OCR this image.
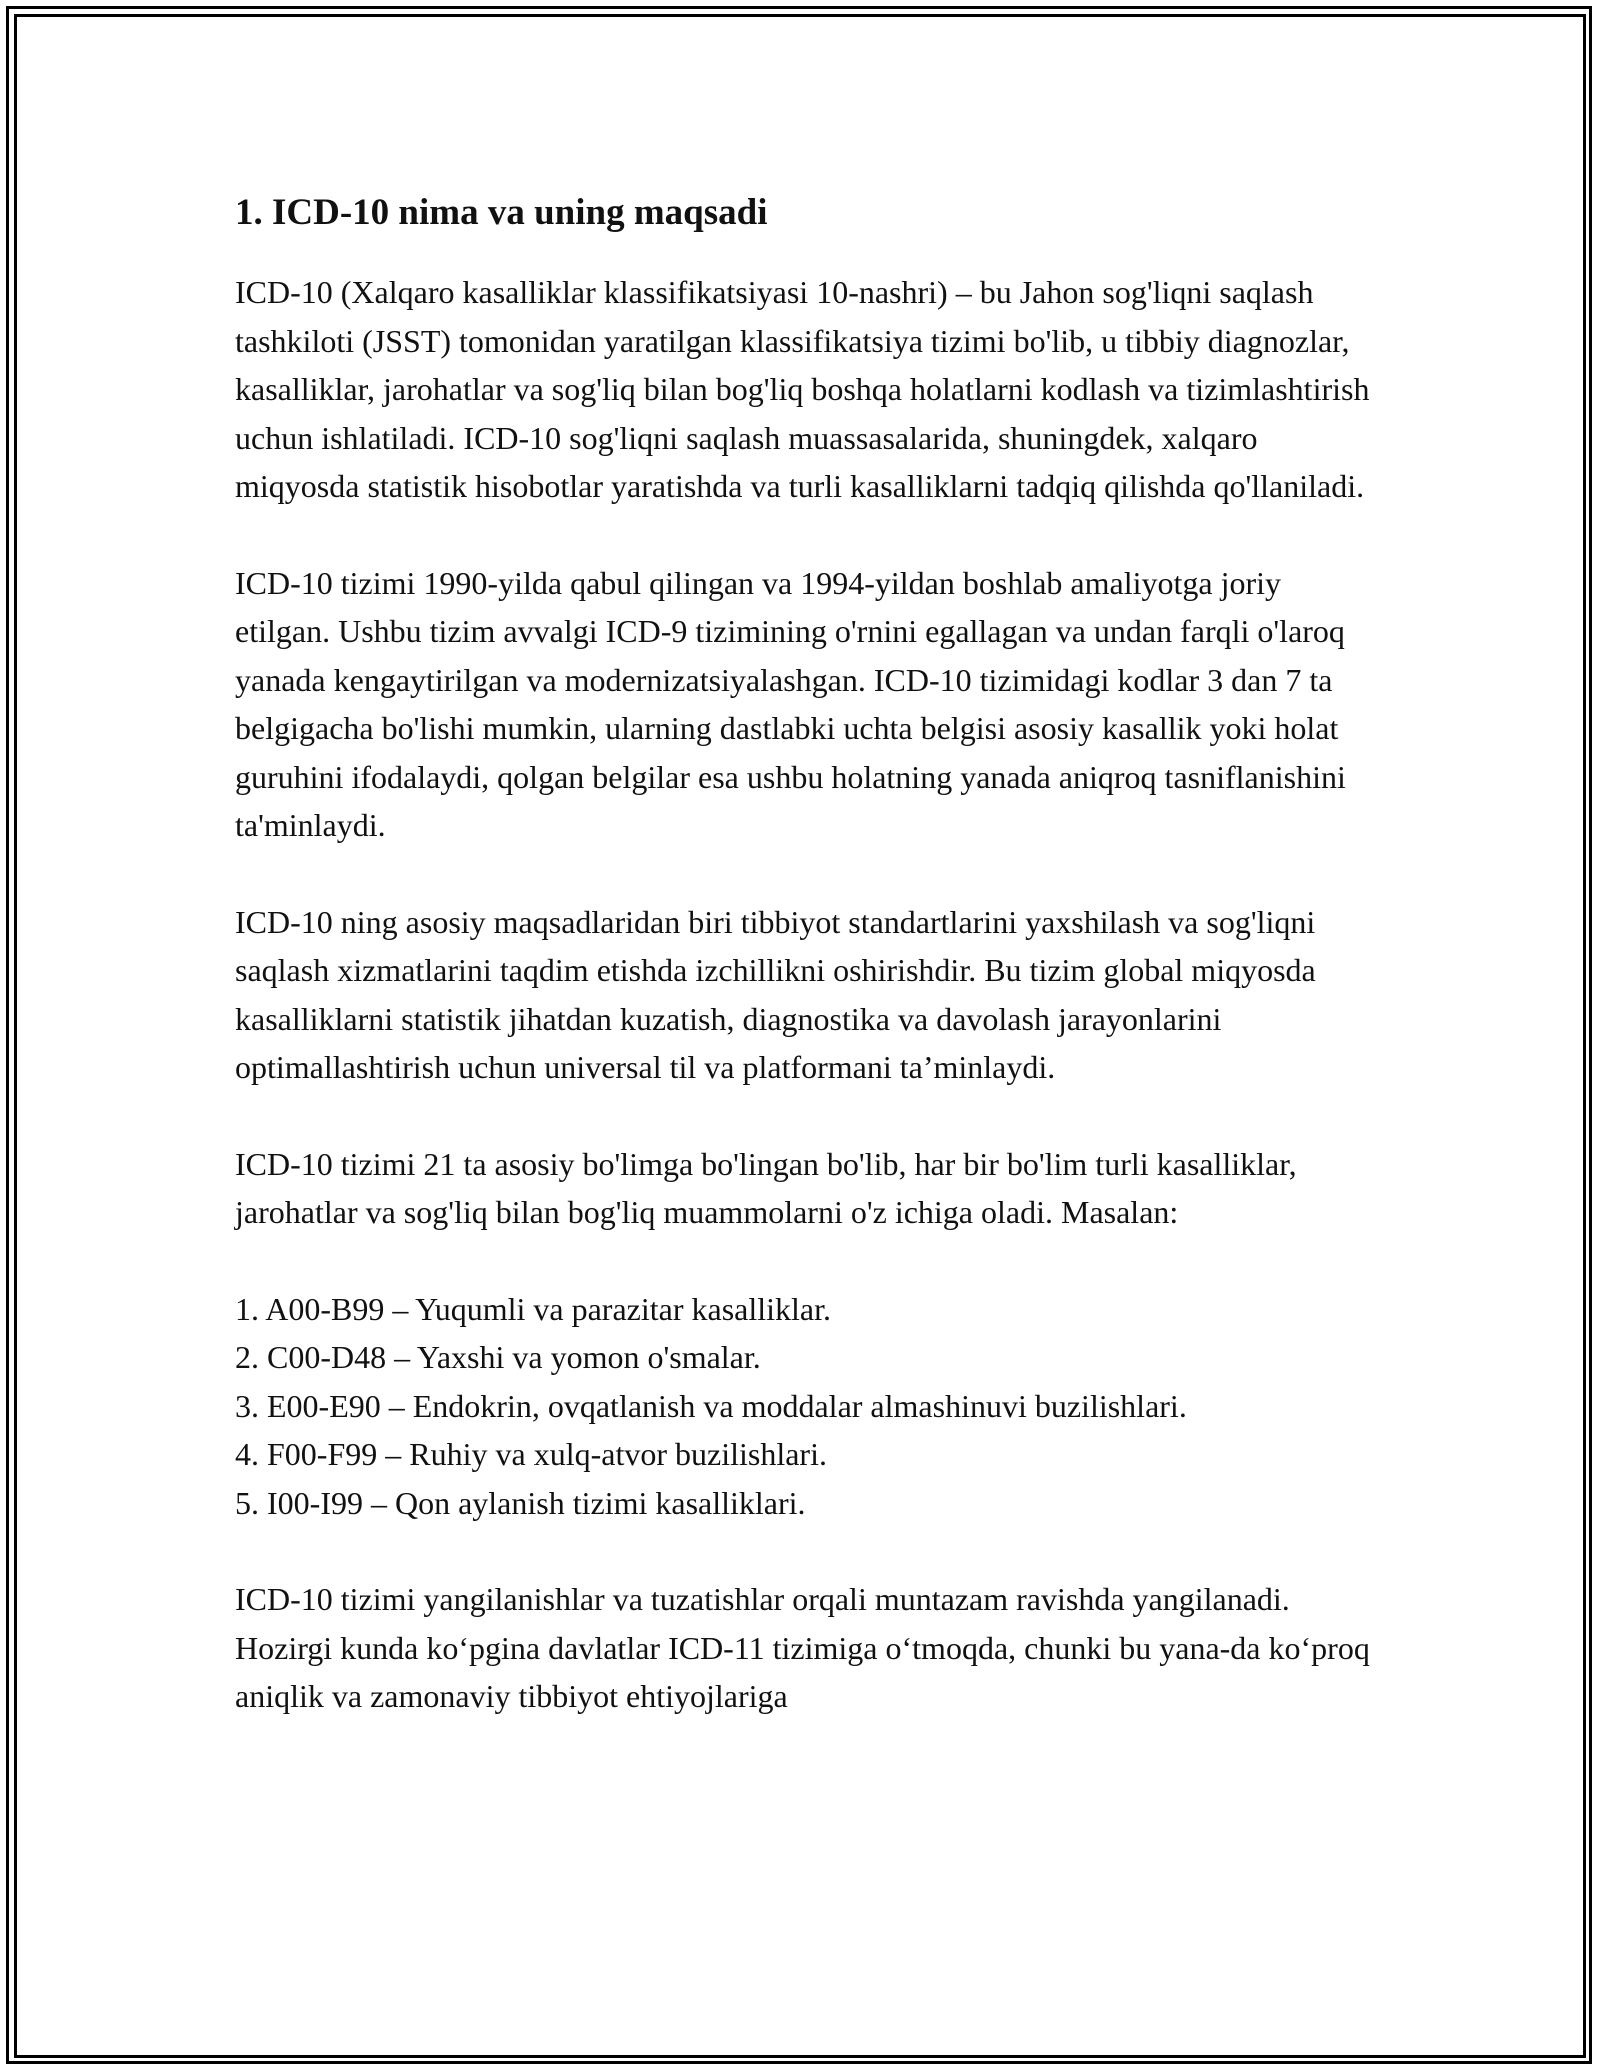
1. ICD-10 nima va uning maqsadi

ICD-10 (Xalqaro kasalliklar klassifikatsiyasi 10-nashri) – bu Jahon sog'liqni saqlash tashkiloti (JSST) tomonidan yaratilgan klassifikatsiya tizimi bo'lib, u tibbiy diagnozlar, kasalliklar, jarohatlar va sog'liq bilan bog'liq boshqa holatlarni kodlash va tizimlashtirish uchun ishlatiladi. ICD-10 sog'liqni saqlash muassasalarida, shuningdek, xalqaro miqyosda statistik hisobotlar yaratishda va turli kasalliklarni tadqiq qilishda qo'llaniladi.

ICD-10 tizimi 1990-yilda qabul qilingan va 1994-yildan boshlab amaliyotga joriy etilgan. Ushbu tizim avvalgi ICD-9 tizimining o'rnini egallagan va undan farqli o'laroq yanada kengaytirilgan va modernizatsiyalashgan. ICD-10 tizimidagi kodlar 3 dan 7 ta belgigacha bo'lishi mumkin, ularning dastlabki uchta belgisi asosiy kasallik yoki holat guruhini ifodalaydi, qolgan belgilar esa ushbu holatning yanada aniqroq tasniflanishini ta'minlaydi.

ICD-10 ning asosiy maqsadlaridan biri tibbiyot standartlarini yaxshilash va sog'liqni saqlash xizmatlarini taqdim etishda izchillikni oshirishdir. Bu tizim global miqyosda kasalliklarni statistik jihatdan kuzatish, diagnostika va davolash jarayonlarini optimallashtirish uchun universal til va platformani ta’minlaydi.

ICD-10 tizimi 21 ta asosiy bo'limga bo'lingan bo'lib, har bir bo'lim turli kasalliklar, jarohatlar va sog'liq bilan bog'liq muammolarni o'z ichiga oladi. Masalan:

1. A00-B99 – Yuqumli va parazitar kasalliklar.
2. C00-D48 – Yaxshi va yomon o'smalar.
3. E00-E90 – Endokrin, ovqatlanish va moddalar almashinuvi buzilishlari.
4. F00-F99 – Ruhiy va xulq-atvor buzilishlari.
5. I00-I99 – Qon aylanish tizimi kasalliklari.

ICD-10 tizimi yangilanishlar va tuzatishlar orqali muntazam ravishda yangilanadi. Hozirgi kunda koʻpgina davlatlar ICD-11 tizimiga oʻtmoqda, chunki bu yana-da koʻproq aniqlik va zamonaviy tibbiyot ehtiyojlariga
